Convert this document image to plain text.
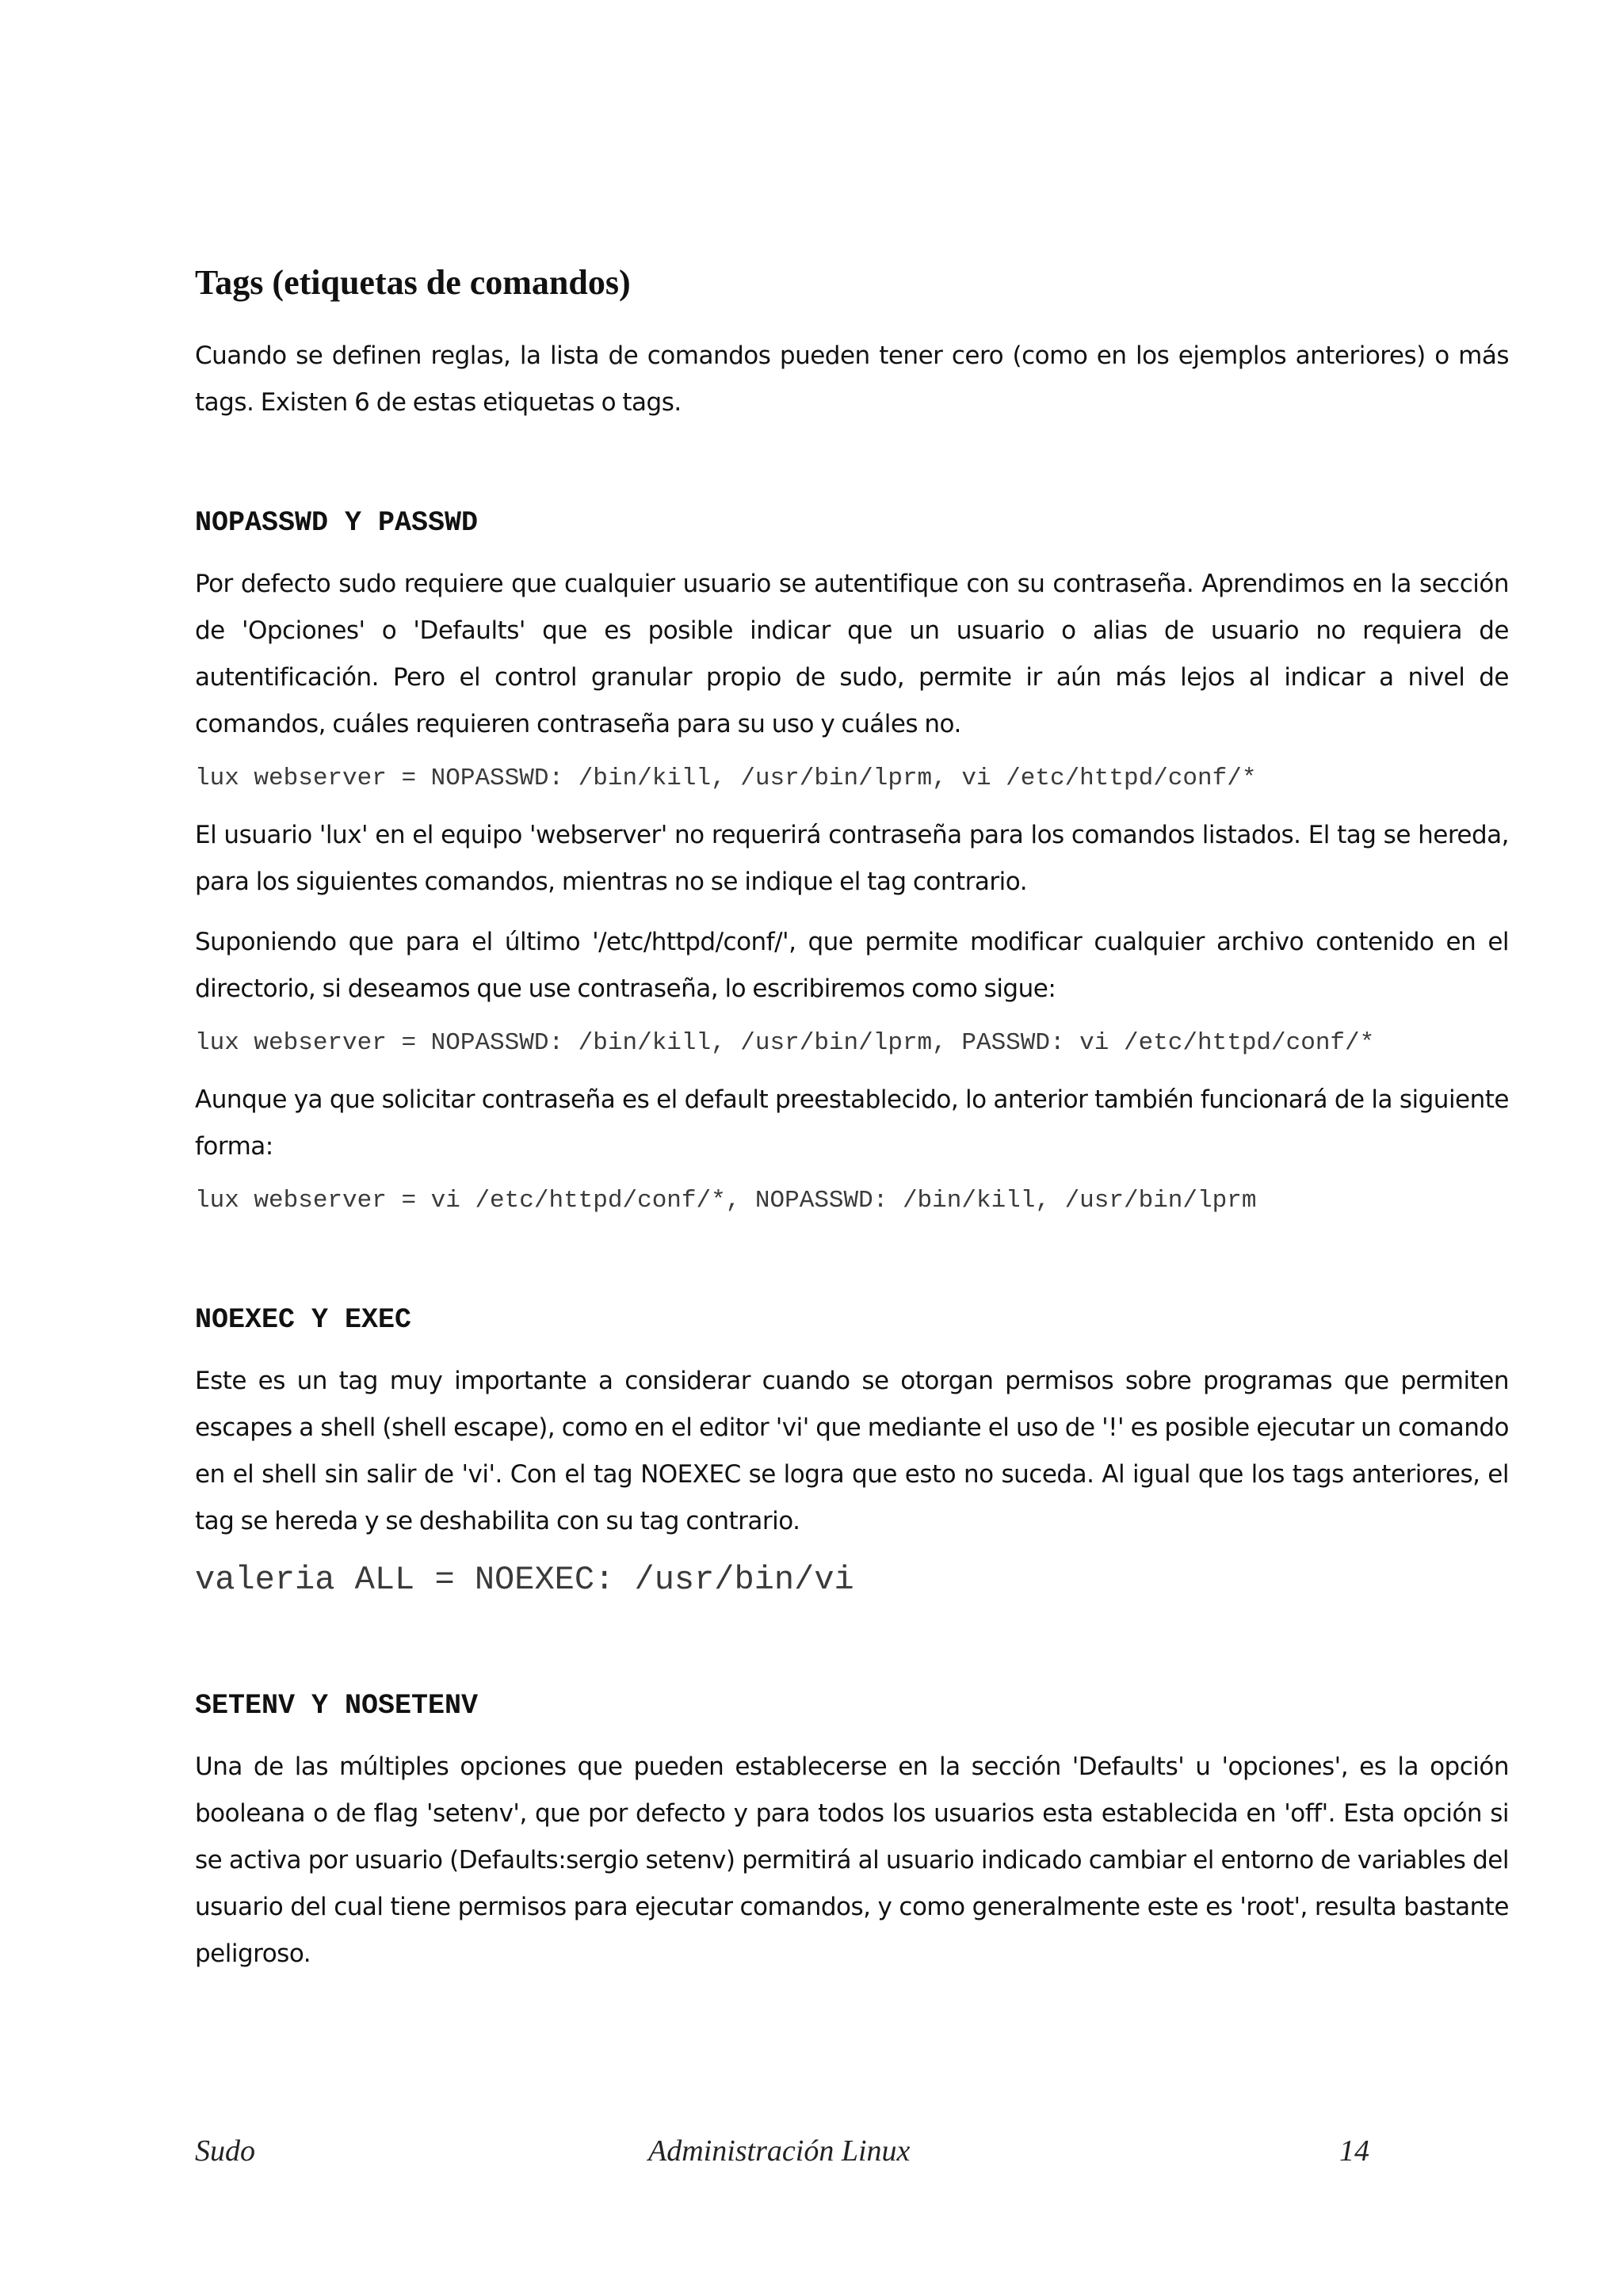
Tags (etiquetas de comandos)

Cuando se definen reglas, la lista de comandos pueden tener cero (como en los ejemplos anteriores) o más tags. Existen 6 de estas etiquetas o tags.

NOPASSWD Y PASSWD

Por defecto sudo requiere que cualquier usuario se autentifique con su contraseña. Aprendimos en la sección de 'Opciones' o 'Defaults' que es posible indicar que un usuario o alias de usuario no requiera de autentificación. Pero el control granular propio de sudo, permite ir aún más lejos al indicar a nivel de comandos, cuáles requieren contraseña para su uso y cuáles no.

lux webserver = NOPASSWD: /bin/kill, /usr/bin/lprm, vi /etc/httpd/conf/*

El usuario 'lux' en el equipo 'webserver' no requerirá contraseña para los comandos listados. El tag se hereda, para los siguientes comandos, mientras no se indique el tag contrario.

Suponiendo que para el último '/etc/httpd/conf/', que permite modificar cualquier archivo contenido en el directorio, si deseamos que use contraseña, lo escribiremos como sigue:

lux webserver = NOPASSWD: /bin/kill, /usr/bin/lprm, PASSWD: vi /etc/httpd/conf/*

Aunque ya que solicitar contraseña es el default preestablecido, lo anterior también funcionará de la siguiente forma:

lux webserver = vi /etc/httpd/conf/*, NOPASSWD: /bin/kill, /usr/bin/lprm
NOEXEC Y EXEC

Este es un tag muy importante a considerar cuando se otorgan permisos sobre programas que permiten escapes a shell (shell escape), como en el editor 'vi' que mediante el uso de '!' es posible ejecutar un comando en el shell sin salir de 'vi'. Con el tag NOEXEC se logra que esto no suceda. Al igual que los tags anteriores, el tag se hereda y se deshabilita con su tag contrario.

valeria ALL = NOEXEC: /usr/bin/vi
SETENV Y NOSETENV

Una de las múltiples opciones que pueden establecerse en la sección 'Defaults' u 'opciones', es la opción booleana o de flag 'setenv', que por defecto y para todos los usuarios esta establecida en 'off'. Esta opción si se activa por usuario (Defaults:sergio setenv) permitirá al usuario indicado cambiar el entorno de variables del usuario del cual tiene permisos para ejecutar comandos, y como generalmente este es 'root', resulta bastante peligroso.

Sudo	Administración Linux	14
